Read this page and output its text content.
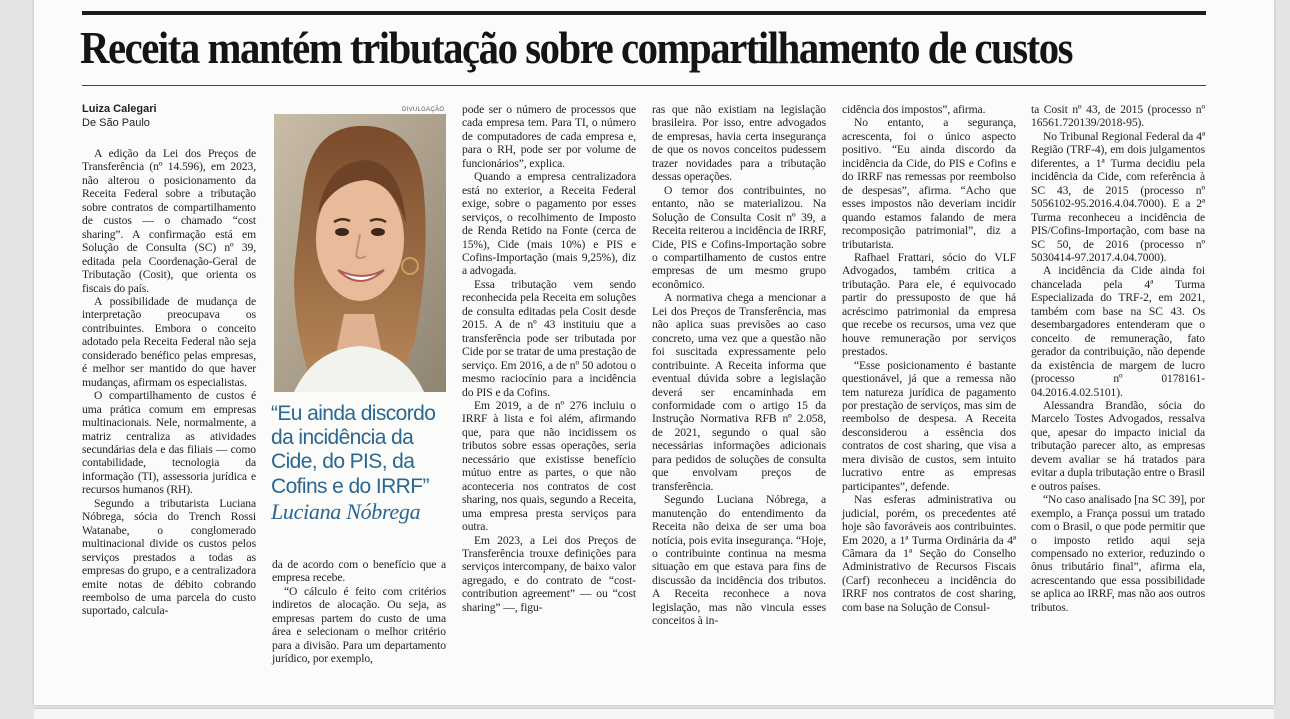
Receita mantém tributação sobre compartilhamento de custos
Luiza Calegari
De São Paulo

A edição da Lei dos Preços de Transferência (nº 14.596), em 2023, não alterou o posicionamento da Receita Federal sobre a tributação sobre contratos de compartilhamento de custos — o chamado “cost sharing”. A confirmação está em Solução de Consulta (SC) nº 39, editada pela Coordenação-Geral de Tributação (Cosit), que orienta os fiscais do país.

A possibilidade de mudança de interpretação preocupava os contribuintes. Embora o conceito adotado pela Receita Federal não seja considerado benéfico pelas empresas, é melhor ser mantido do que haver mudanças, afirmam os especialistas.

O compartilhamento de custos é uma prática comum em empresas multinacionais. Nele, normalmente, a matriz centraliza as atividades secundárias dela e das filiais — como contabilidade, tecnologia da informação (TI), assessoria jurídica e recursos humanos (RH).

Segundo a tributarista Luciana Nóbrega, sócia do Trench Rossi Watanabe, o conglomerado multinacional divide os custos pelos serviços prestados a todas as empresas do grupo, e a centralizadora emite notas de débito cobrando reembolso de uma parcela do custo suportado, calcula-

DIVULGAÇÃO
“Eu ainda discordo da incidência da Cide, do PIS, da Cofins e do IRRF”
Luciana Nóbrega

da de acordo com o benefício que a empresa recebe.

“O cálculo é feito com critérios indiretos de alocação. Ou seja, as empresas partem do custo de uma área e selecionam o melhor critério para a divisão. Para um departamento jurídico, por exemplo,

pode ser o número de processos que cada empresa tem. Para TI, o número de computadores de cada empresa e, para o RH, pode ser por volume de funcionários”, explica.

Quando a empresa centralizadora está no exterior, a Receita Federal exige, sobre o pagamento por esses serviços, o recolhimento de Imposto de Renda Retido na Fonte (cerca de 15%), Cide (mais 10%) e PIS e Cofins-Importação (mais 9,25%), diz a advogada.

Essa tributação vem sendo reconhecida pela Receita em soluções de consulta editadas pela Cosit desde 2015. A de nº 43 instituiu que a transferência pode ser tributada por Cide por se tratar de uma prestação de serviço. Em 2016, a de nº 50 adotou o mesmo raciocínio para a incidência do PIS e da Cofins.

Em 2019, a de nº 276 incluiu o IRRF à lista e foi além, afirmando que, para que não incidissem os tributos sobre essas operações, seria necessário que existisse benefício mútuo entre as partes, o que não aconteceria nos contratos de cost sharing, nos quais, segundo a Receita, uma empresa presta serviços para outra.

Em 2023, a Lei dos Preços de Transferência trouxe definições para serviços intercompany, de baixo valor agregado, e do contrato de “cost-contribution agreement” — ou “cost sharing” —, figu-

ras que não existiam na legislação brasileira. Por isso, entre advogados de empresas, havia certa insegurança de que os novos conceitos pudessem trazer novidades para a tributação dessas operações.

O temor dos contribuintes, no entanto, não se materializou. Na Solução de Consulta Cosit nº 39, a Receita reiterou a incidência de IRRF, Cide, PIS e Cofins-Importação sobre o compartilhamento de custos entre empresas de um mesmo grupo econômico.

A normativa chega a mencionar a Lei dos Preços de Transferência, mas não aplica suas previsões ao caso concreto, uma vez que a questão não foi suscitada expressamente pelo contribuinte. A Receita informa que eventual dúvida sobre a legislação deverá ser encaminhada em conformidade com o artigo 15 da Instrução Normativa RFB nº 2.058, de 2021, segundo o qual são necessárias informações adicionais para pedidos de soluções de consulta que envolvam preços de transferência.

Segundo Luciana Nóbrega, a manutenção do entendimento da Receita não deixa de ser uma boa notícia, pois evita insegurança. “Hoje, o contribuinte continua na mesma situação em que estava para fins de discussão da incidência dos tributos. A Receita reconhece a nova legislação, mas não vincula esses conceitos à in-

cidência dos impostos”, afirma.

No entanto, a segurança, acrescenta, foi o único aspecto positivo. “Eu ainda discordo da incidência da Cide, do PIS e Cofins e do IRRF nas remessas por reembolso de despesas”, afirma. “Acho que esses impostos não deveriam incidir quando estamos falando de mera recomposição patrimonial”, diz a tributarista.

Rafhael Frattari, sócio do VLF Advogados, também critica a tributação. Para ele, é equivocado partir do pressuposto de que há acréscimo patrimonial da empresa que recebe os recursos, uma vez que houve remuneração por serviços prestados.

“Esse posicionamento é bastante questionável, já que a remessa não tem natureza jurídica de pagamento por prestação de serviços, mas sim de reembolso de despesa. A Receita desconsiderou a essência dos contratos de cost sharing, que visa a mera divisão de custos, sem intuito lucrativo entre as empresas participantes”, defende.

Nas esferas administrativa ou judicial, porém, os precedentes até hoje são favoráveis aos contribuintes. Em 2020, a 1ª Turma Ordinária da 4ª Câmara da 1ª Seção do Conselho Administrativo de Recursos Fiscais (Carf) reconheceu a incidência do IRRF nos contratos de cost sharing, com base na Solução de Consul-

ta Cosit nº 43, de 2015 (processo nº 16561.720139/2018-95).

No Tribunal Regional Federal da 4ª Região (TRF-4), em dois julgamentos diferentes, a 1ª Turma decidiu pela incidência da Cide, com referência à SC 43, de 2015 (processo nº 5056102-95.2016.4.04.7000). E a 2ª Turma reconheceu a incidência de PIS/Cofins-Importação, com base na SC 50, de 2016 (processo nº 5030414-97.2017.4.04.7000).

A incidência da Cide ainda foi chancelada pela 4ª Turma Especializada do TRF-2, em 2021, também com base na SC 43. Os desembargadores entenderam que o conceito de remuneração, fato gerador da contribuição, não depende da existência de margem de lucro (processo nº 0178161-04.2016.4.02.5101).

Alessandra Brandão, sócia do Marcelo Tostes Advogados, ressalva que, apesar do impacto inicial da tributação parecer alto, as empresas devem avaliar se há tratados para evitar a dupla tributação entre o Brasil e outros países.

“No caso analisado [na SC 39], por exemplo, a França possui um tratado com o Brasil, o que pode permitir que o imposto retido aqui seja compensado no exterior, reduzindo o ônus tributário final”, afirma ela, acrescentando que essa possibilidade se aplica ao IRRF, mas não aos outros tributos.
